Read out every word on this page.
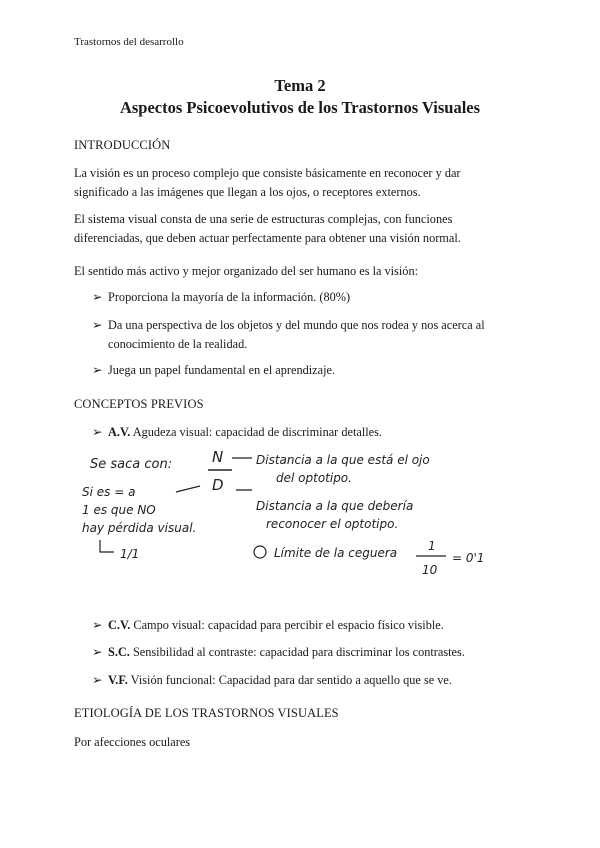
Trastornos del desarrollo
Tema 2
Aspectos Psicoevolutivos de los Trastornos Visuales
INTRODUCCIÓN
La visión es un proceso complejo que consiste básicamente en reconocer y dar significado a las imágenes que llegan a los ojos, o receptores externos.
El sistema visual consta de una serie de estructuras complejas, con funciones diferenciadas, que deben actuar perfectamente para obtener una visión normal.
El sentido más activo y mejor organizado del ser humano es la visión:
➢ Proporciona la mayoría de la información. (80%)
➢ Da una perspectiva de los objetos y del mundo que nos rodea y nos acerca al conocimiento de la realidad.
➢ Juega un papel fundamental en el aprendizaje.
CONCEPTOS PREVIOS
➢ A.V. Agudeza visual: capacidad de discriminar detalles.
Se saca con:	N
D
Distancia a la que está el ojo
del optotipo.
Distancia a la que debería
reconocer el optotipo.
Si es = a
1 es que NO
hay pérdida visual.
1/1	Límite de la ceguera	1
10
= 0'1
➢ C.V. Campo visual: capacidad para percibir el espacio físico visible.
➢ S.C. Sensibilidad al contraste: capacidad para discriminar los contrastes.
➢ V.F. Visión funcional: Capacidad para dar sentido a aquello que se ve.
ETIOLOGÍA DE LOS TRASTORNOS VISUALES
Por afecciones oculares
